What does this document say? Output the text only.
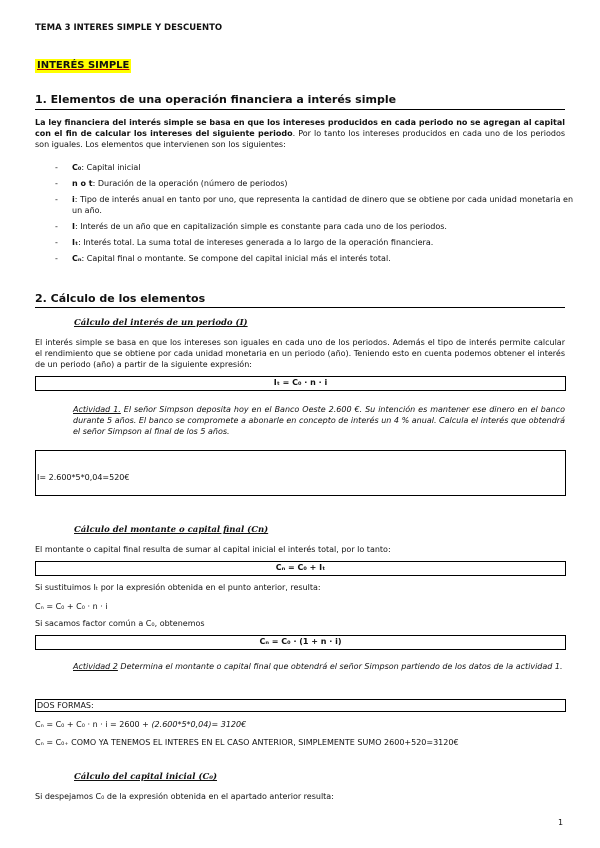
TEMA 3 INTERES SIMPLE Y DESCUENTO
INTERÉS SIMPLE
1. Elementos de una operación financiera a interés simple
La ley financiera del interés simple se basa en que los intereses producidos en cada periodo no se agregan al capital con el fin de calcular los intereses del siguiente periodo. Por lo tanto los intereses producidos en cada uno de los periodos son iguales. Los elementos que intervienen son los siguientes:
- C₀: Capital inicial
- n o t: Duración de la operación (número de periodos)
- i: Tipo de interés anual en tanto por uno, que representa la cantidad de dinero que se obtiene por cada unidad monetaria en un año.
- I: Interés de un año que en capitalización simple es constante para cada uno de los periodos.
- Iₜ: Interés total. La suma total de intereses generada a lo largo de la operación financiera.
- Cₙ: Capital final o montante. Se compone del capital inicial más el interés total.
2. Cálculo de los elementos
Cálculo del interés de un periodo (I)
El interés simple se basa en que los intereses son iguales en cada uno de los periodos. Además el tipo de interés permite calcular el rendimiento que se obtiene por cada unidad monetaria en un periodo (año). Teniendo esto en cuenta podemos obtener el interés de un periodo (año) a partir de la siguiente expresión:
Iₜ = C₀ · n · i
Actividad 1. El señor Simpson deposita hoy en el Banco Oeste 2.600 €. Su intención es mantener ese dinero en el banco durante 5 años. El banco se compromete a abonarle en concepto de interés un 4 % anual. Calcula el interés que obtendrá el señor Simpson al final de los 5 años.
I= 2.600*5*0,04=520€
Cálculo del montante o capital final (Cn)
El montante o capital final resulta de sumar al capital inicial el interés total, por lo tanto:
Cₙ = C₀ + Iₜ
Si sustituimos Iₜ por la expresión obtenida en el punto anterior, resulta:
Cₙ = C₀ + C₀ · n · i
Si sacamos factor común a C₀, obtenemos
Cₙ = C₀ · (1 + n · i)
Actividad 2 Determina el montante o capital final que obtendrá el señor Simpson partiendo de los datos de la actividad 1.
DOS FORMAS:
Cₙ = C₀ + C₀ · n · i = 2600 + (2.600*5*0,04)= 3120€
Cₙ = C₀₊ COMO YA TENEMOS EL INTERES EN EL CASO ANTERIOR, SIMPLEMENTE SUMO 2600+520=3120€
Cálculo del capital inicial (C₀)
Si despejamos C₀ de la expresión obtenida en el apartado anterior resulta:
1
